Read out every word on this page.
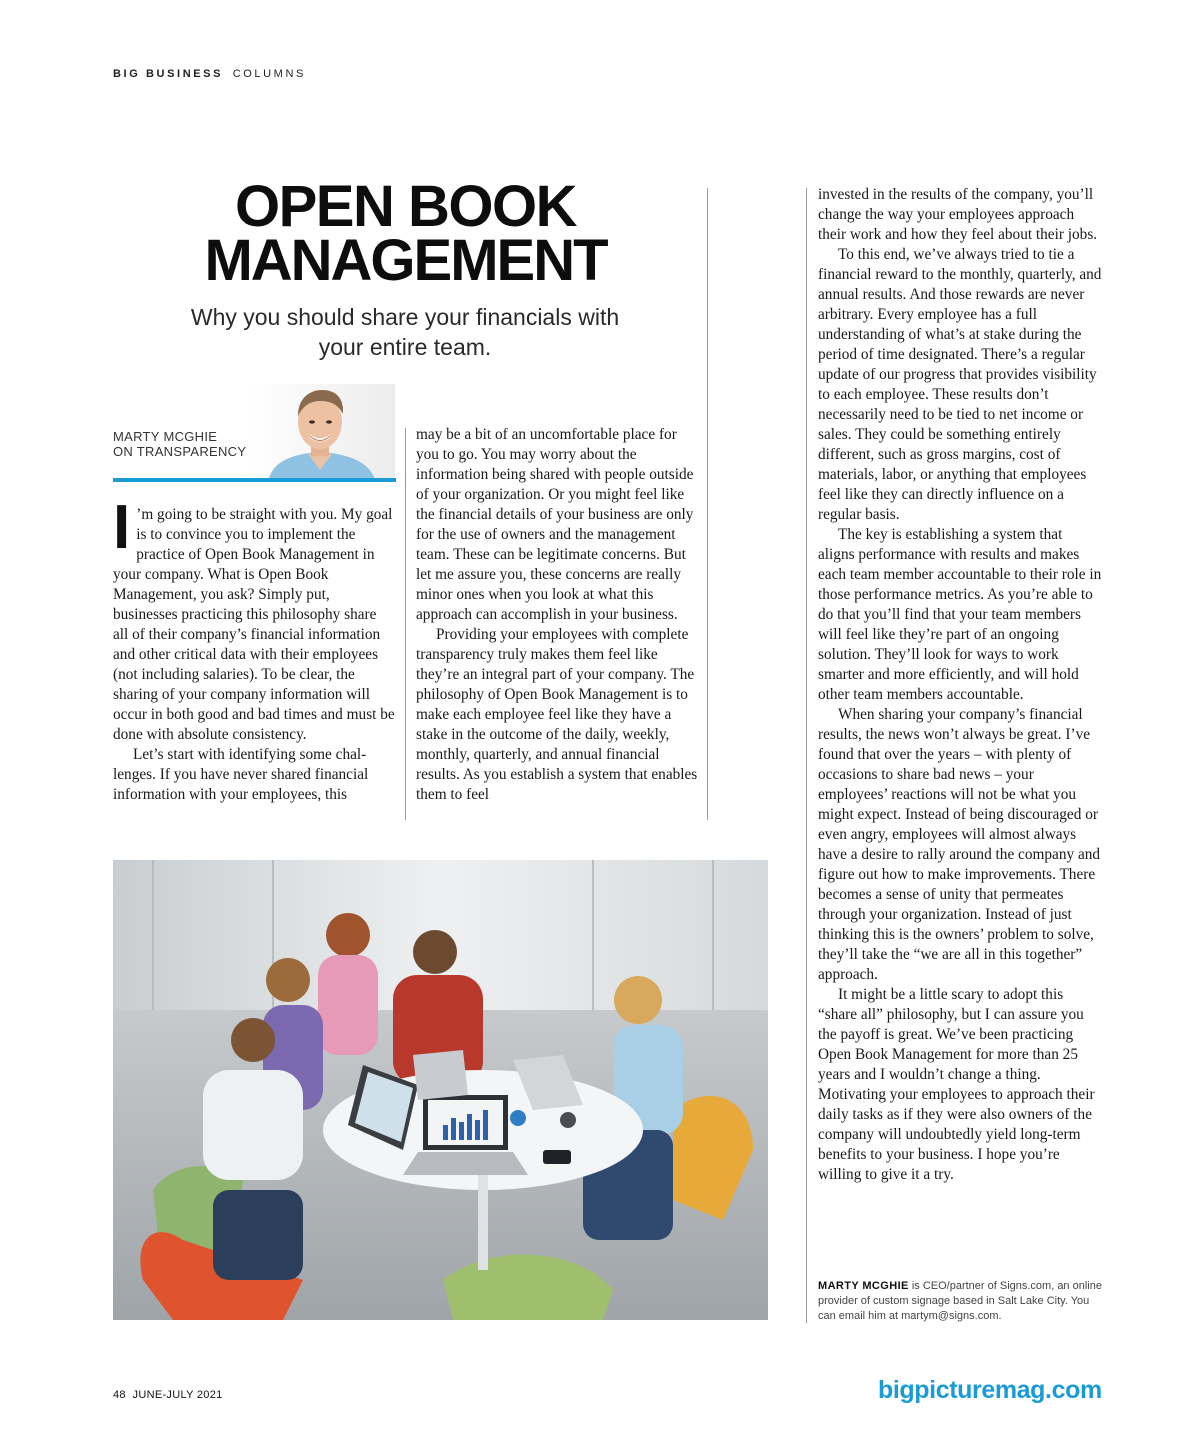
BIG BUSINESS COLUMNS
OPEN BOOK
MANAGEMENT
Why you should share your financials with your entire team.
MARTY MCGHIE
ON TRANSPARENCY
I ’m going to be straight with you. My goal is to convince you to implement the practice of Open Book Management in your company. What is Open Book Management, you ask? Simply put, businesses practicing this philosophy share all of their company’s financial information and other critical data with their employees (not including salaries). To be clear, the sharing of your company information will occur in both good and bad times and must be done with absolute consistency.

Let’s start with identifying some challenges. If you have never shared financial information with your employees, this

may be a bit of an uncomfortable place for you to go. You may worry about the information being shared with people outside of your organization. Or you might feel like the financial details of your business are only for the use of owners and the management team. These can be legitimate concerns. But let me assure you, these concerns are really minor ones when you look at what this approach can accomplish in your business.

Providing your employees with complete transparency truly makes them feel like they’re an integral part of your company. The philosophy of Open Book Management is to make each employee feel like they have a stake in the outcome of the daily, weekly, monthly, quarterly, and annual financial results. As you establish a system that enables them to feel

invested in the results of the company, you’ll change the way your employees approach their work and how they feel about their jobs.

To this end, we’ve always tried to tie a financial reward to the monthly, quarterly, and annual results. And those rewards are never arbitrary. Every employee has a full understanding of what’s at stake during the period of time designated. There’s a regular update of our progress that provides visibility to each employee. These results don’t necessarily need to be tied to net income or sales. They could be something entirely different, such as gross margins, cost of materials, labor, or anything that employees feel like they can directly influence on a regular basis.

The key is establishing a system that aligns performance with results and makes each team member accountable to their role in those performance metrics. As you’re able to do that you’ll find that your team members will feel like they’re part of an ongoing solution. They’ll look for ways to work smarter and more efficiently, and will hold other team members accountable.

When sharing your company’s financial results, the news won’t always be great. I’ve found that over the years – with plenty of occasions to share bad news – your employees’ reactions will not be what you might expect. Instead of being discouraged or even angry, employees will almost always have a desire to rally around the company and figure out how to make improvements. There becomes a sense of unity that permeates through your organization. Instead of just thinking this is the owners’ problem to solve, they’ll take the “we are all in this together” approach.

It might be a little scary to adopt this “share all” philosophy, but I can assure you the payoff is great. We’ve been practicing Open Book Management for more than 25 years and I wouldn’t change a thing. Motivating your employees to approach their daily tasks as if they were also owners of the company will undoubtedly yield long-term benefits to your business. I hope you’re willing to give it a try.

MARTY MCGHIE is CEO/partner of Signs.com, an online provider of custom signage based in Salt Lake City. You can email him at martym@signs.com.
48  JUNE-JULY 2021	bigpicturemag.com
